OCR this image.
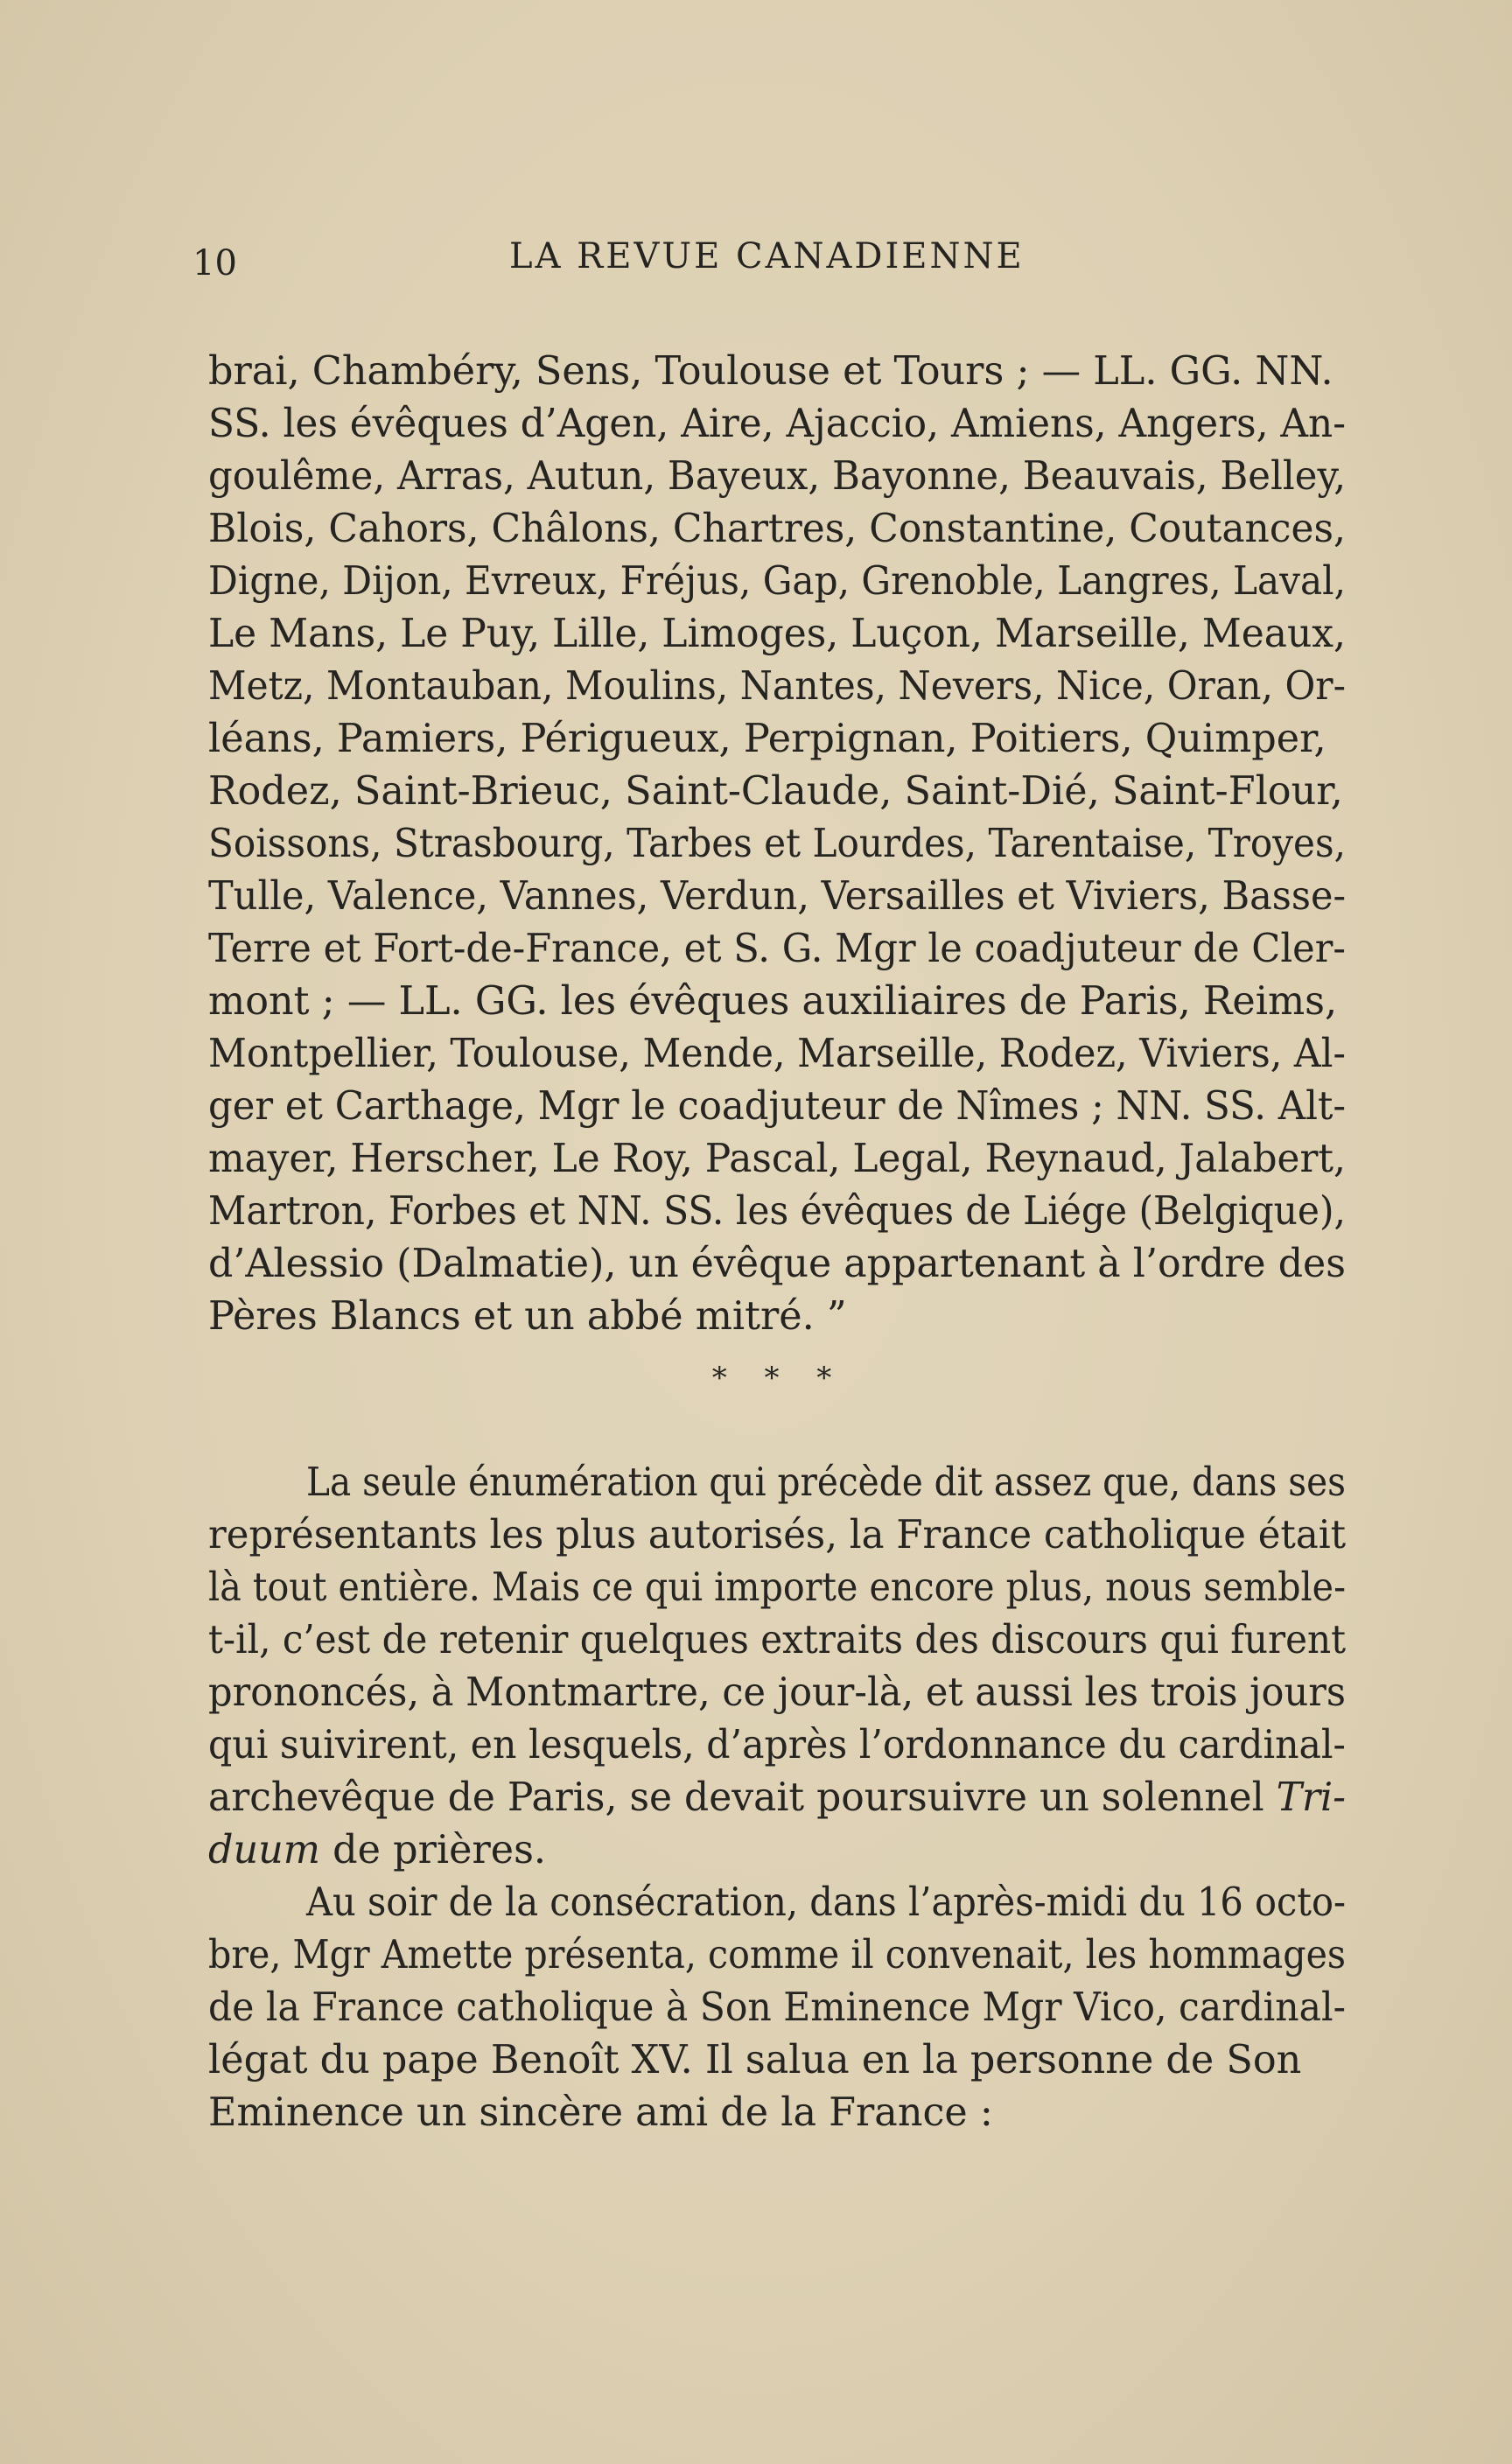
10	LA REVUE CANADIENNE
brai, Chambéry, Sens, Toulouse et Tours ; — LL. GG. NN.
SS. les évêques d’Agen, Aire, Ajaccio, Amiens, Angers, An-
goulême, Arras, Autun, Bayeux, Bayonne, Beauvais, Belley,
Blois, Cahors, Châlons, Chartres, Constantine, Coutances,
Digne, Dijon, Evreux, Fréjus, Gap, Grenoble, Langres, Laval,
Le Mans, Le Puy, Lille, Limoges, Luçon, Marseille, Meaux,
Metz, Montauban, Moulins, Nantes, Nevers, Nice, Oran, Or-
léans, Pamiers, Périgueux, Perpignan, Poitiers, Quimper,
Rodez, Saint-Brieuc, Saint-Claude, Saint-Dié, Saint-Flour,
Soissons, Strasbourg, Tarbes et Lourdes, Tarentaise, Troyes,
Tulle, Valence, Vannes, Verdun, Versailles et Viviers, Basse-
Terre et Fort-de-France, et S. G. Mgr le coadjuteur de Cler-
mont ; — LL. GG. les évêques auxiliaires de Paris, Reims,
Montpellier, Toulouse, Mende, Marseille, Rodez, Viviers, Al-
ger et Carthage, Mgr le coadjuteur de Nîmes ; NN. SS. Alt-
mayer, Herscher, Le Roy, Pascal, Legal, Reynaud, Jalabert,
Martron, Forbes et NN. SS. les évêques de Liége (Belgique),
d’Alessio (Dalmatie), un évêque appartenant à l’ordre des
Pères Blancs et un abbé mitré. ”
* * *
La seule énumération qui précède dit assez que, dans ses
représentants les plus autorisés, la France catholique était
là tout entière. Mais ce qui importe encore plus, nous semble-
t-il, c’est de retenir quelques extraits des discours qui furent
prononcés, à Montmartre, ce jour-là, et aussi les trois jours
qui suivirent, en lesquels, d’après l’ordonnance du cardinal-
archevêque de Paris, se devait poursuivre un solennel Tri-
duum de prières.
Au soir de la consécration, dans l’après-midi du 16 octo-
bre, Mgr Amette présenta, comme il convenait, les hommages
de la France catholique à Son Eminence Mgr Vico, cardinal-
légat du pape Benoît XV. Il salua en la personne de Son
Eminence un sincère ami de la France :
